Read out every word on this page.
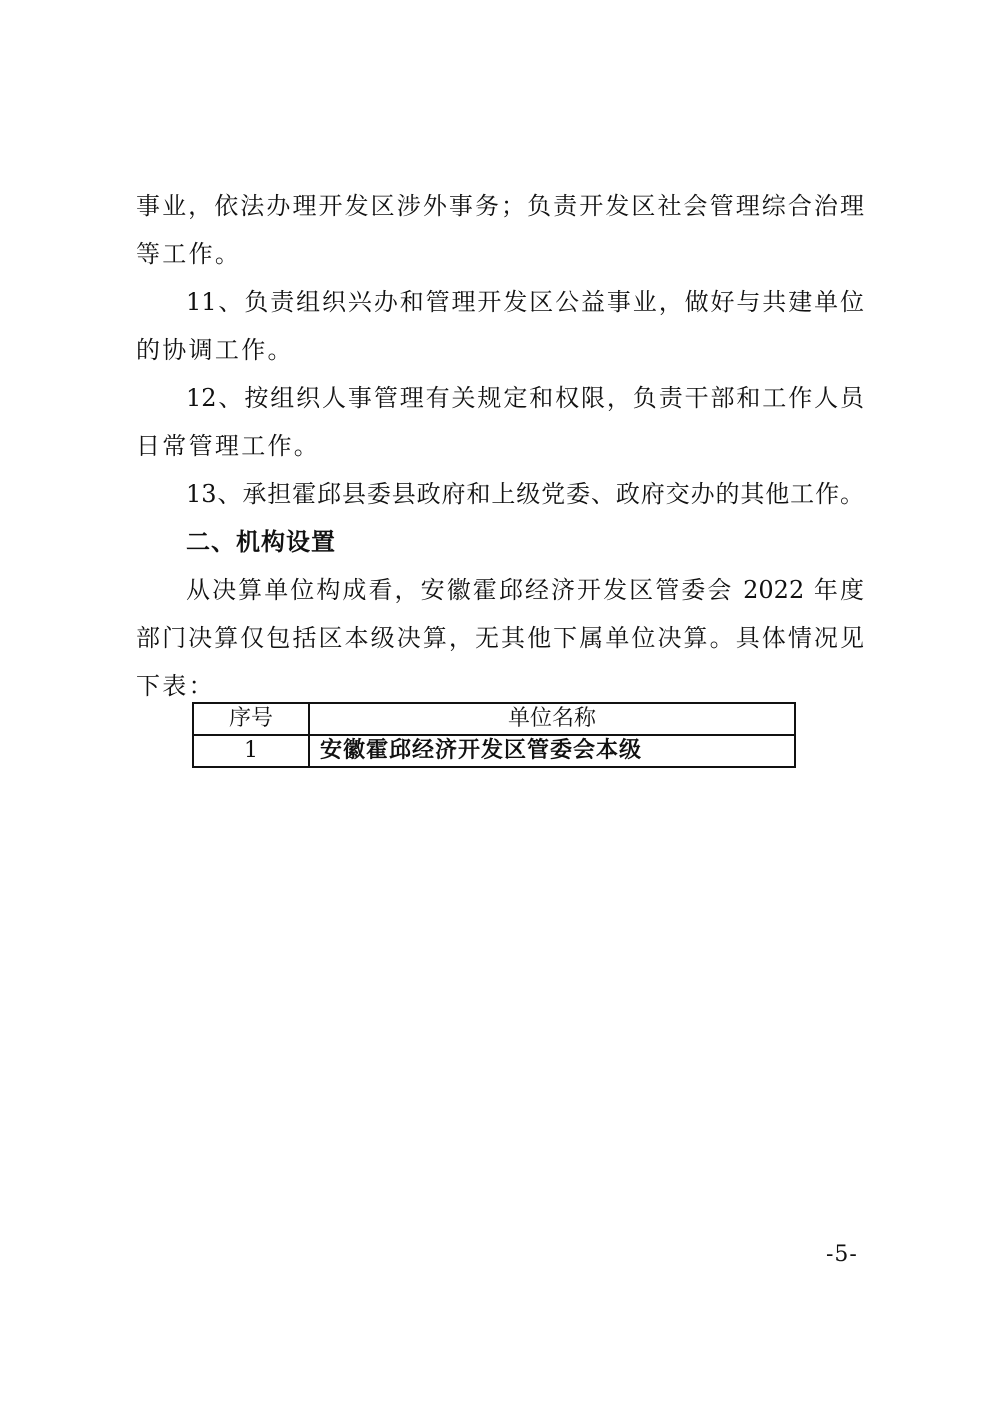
事业，依法办理开发区涉外事务；负责开发区社会管理综合治理
等工作。
11、负责组织兴办和管理开发区公益事业，做好与共建单位
的协调工作。
12、按组织人事管理有关规定和权限，负责干部和工作人员
日常管理工作。
13、承担霍邱县委县政府和上级党委、政府交办的其他工作。
二、机构设置
从决算单位构成看，安徽霍邱经济开发区管委会 2022 年度
部门决算仅包括区本级决算，无其他下属单位决算。具体情况见
下表：
序号	单位名称
1	安徽霍邱经济开发区管委会本级
-5-
